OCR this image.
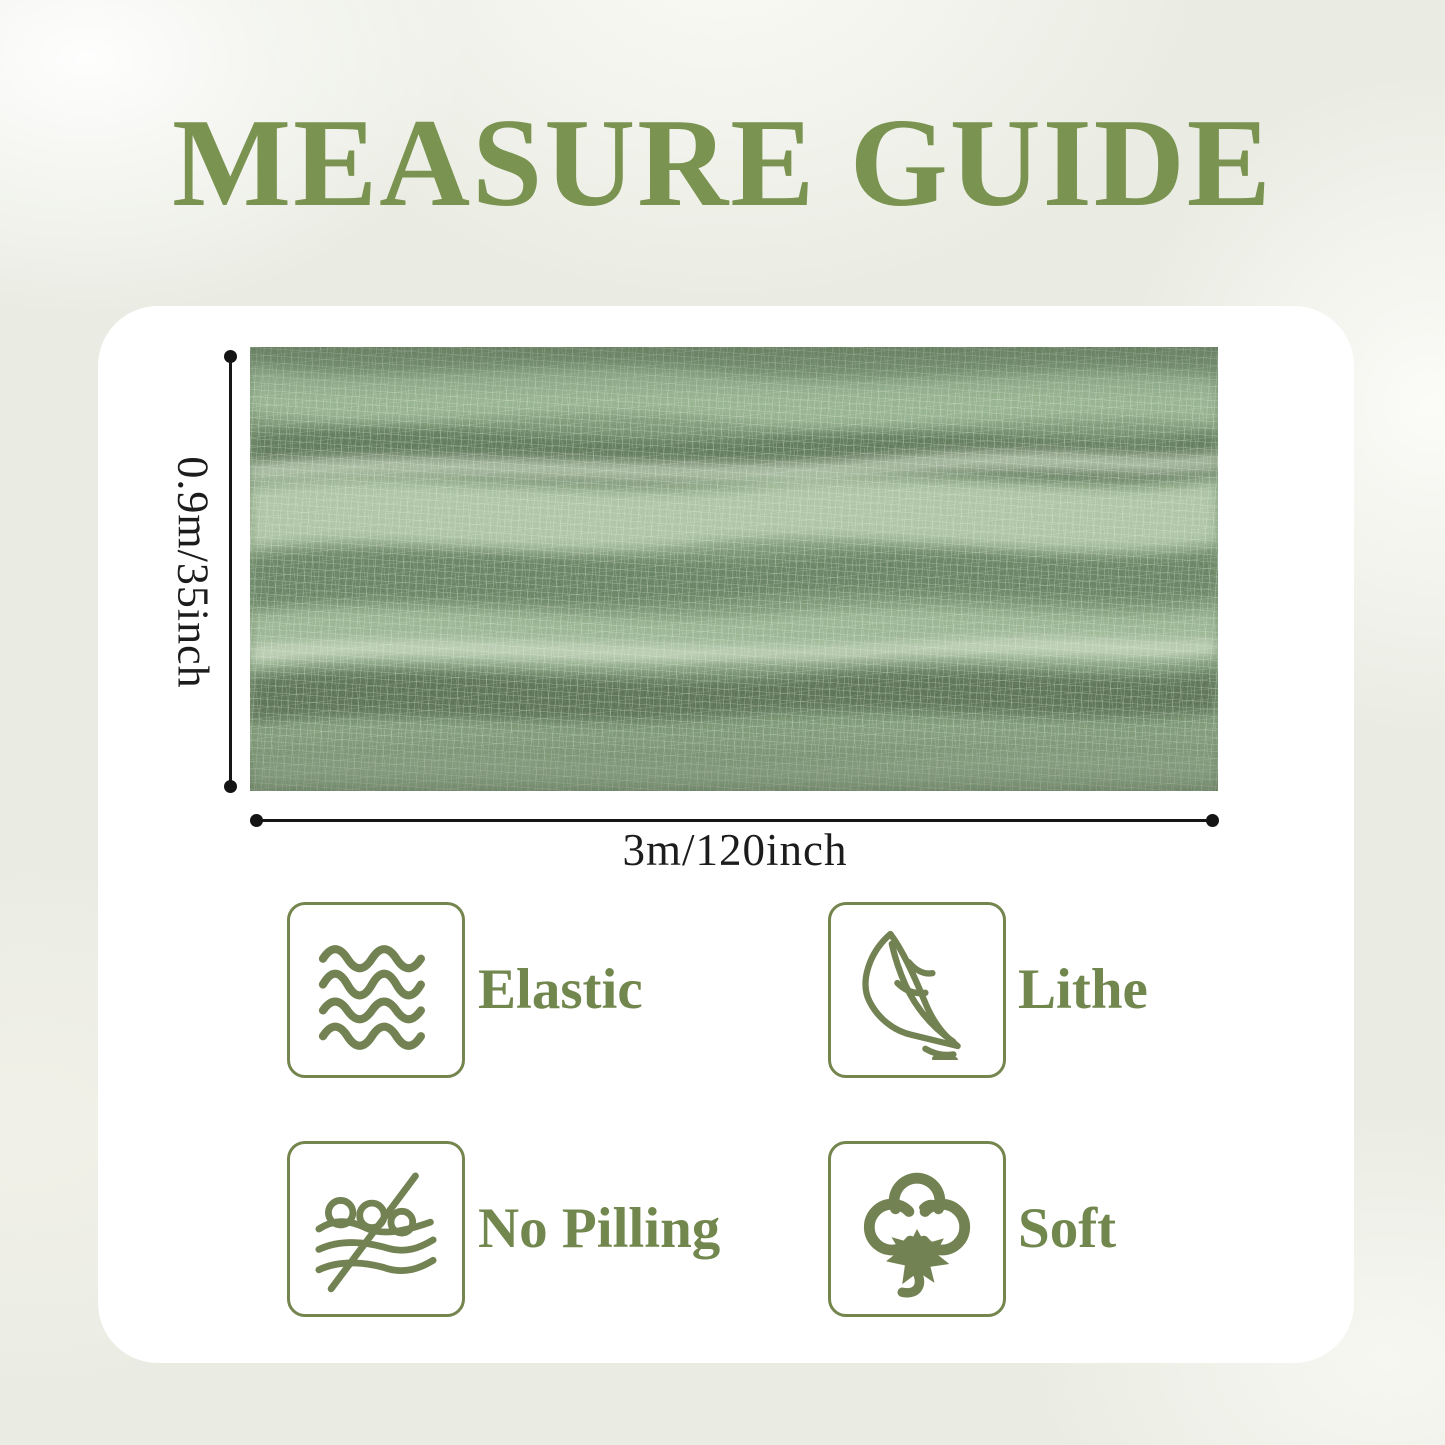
MEASURE GUIDE
0.9m/35inch
3m/120inch
Elastic	Lithe
No Pilling	Soft
